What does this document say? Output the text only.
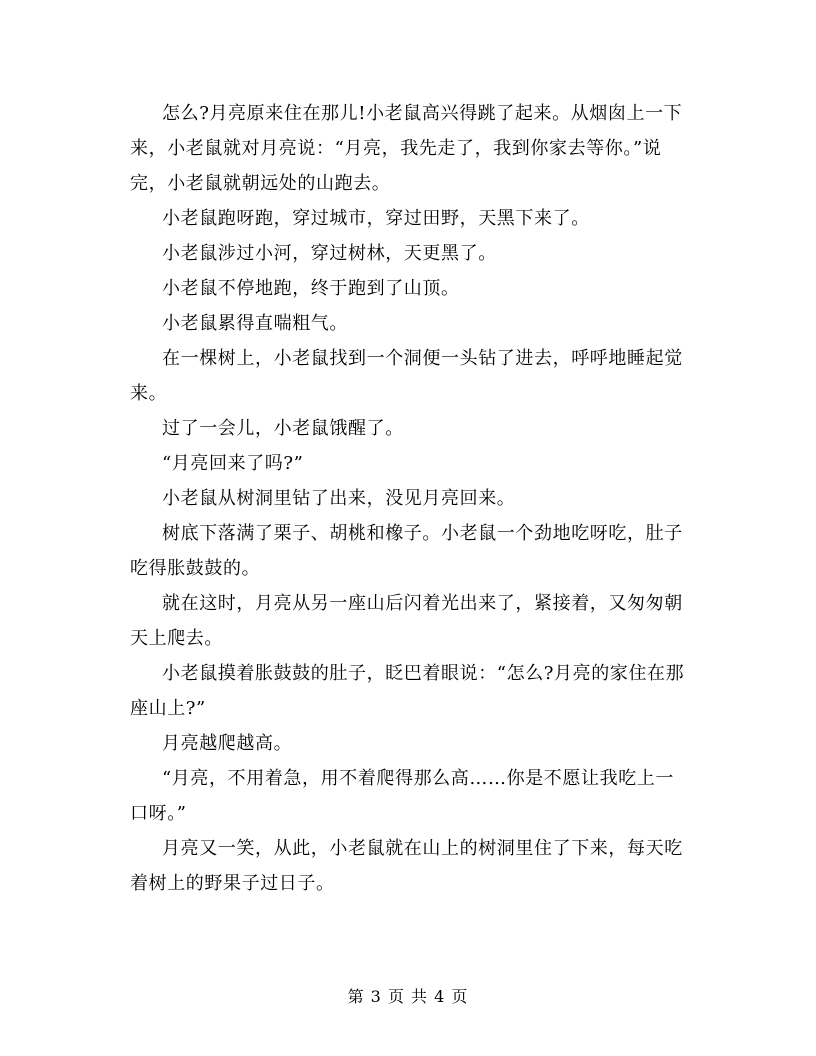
怎么?月亮原来住在那儿!小老鼠高兴得跳了起来。从烟囱上一下来，小老鼠就对月亮说：“月亮，我先走了，我到你家去等你。”说完，小老鼠就朝远处的山跑去。

小老鼠跑呀跑，穿过城市，穿过田野，天黑下来了。

小老鼠涉过小河，穿过树林，天更黑了。

小老鼠不停地跑，终于跑到了山顶。

小老鼠累得直喘粗气。

在一棵树上，小老鼠找到一个洞便一头钻了进去，呼呼地睡起觉来。

过了一会儿，小老鼠饿醒了。

“月亮回来了吗?”

小老鼠从树洞里钻了出来，没见月亮回来。

树底下落满了栗子、胡桃和橡子。小老鼠一个劲地吃呀吃，肚子吃得胀鼓鼓的。

就在这时，月亮从另一座山后闪着光出来了，紧接着，又匆匆朝天上爬去。

小老鼠摸着胀鼓鼓的肚子，眨巴着眼说：“怎么?月亮的家住在那座山上?”

月亮越爬越高。

“月亮，不用着急，用不着爬得那么高……你是不愿让我吃上一口呀。”

月亮又一笑，从此，小老鼠就在山上的树洞里住了下来，每天吃着树上的野果子过日子。

第 3 页 共 4 页
